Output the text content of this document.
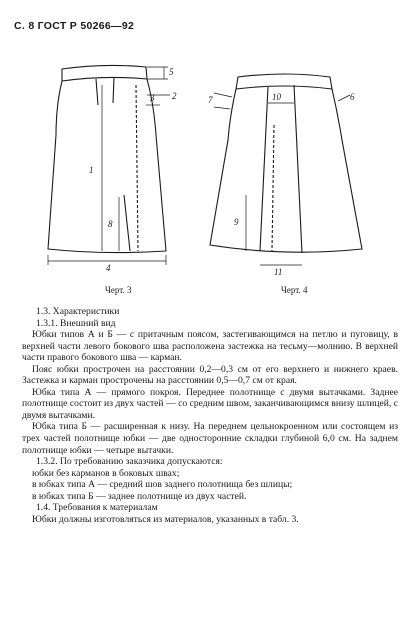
С. 8 ГОСТ Р 50266—92
5
2
1
8
3
4
7	10	6
9
11
Черт. 3	Черт. 4

1.3. Характеристики

1.3.1. Внешний вид

Юбки типов А и Б — с притачным поясом, застегивающимся на петлю и пуговицу, в верхней части левого бокового шва расположена застежка на тесьму—молнию. В верхней части правого бокового шва — карман.

Пояс юбки прострочен на расстоянии 0,2—0,3 см от его верхнего и нижнего краев. Застежка и карман простpочены на расстоянии 0,5—0,7 см от края.

Юбка типа А — прямого покроя. Переднее полотнище с двумя вытачками. Заднее полотнище состоит из двух частей — со средним швом, заканчивающимся внизу шлицей, с двумя вытачками.

Юбка типа Б — расширенная к низу. На переднем цельнокроенном или состоящем из трех частей полотнище юбки — две односторонние складки глубиной 6,0 см. На заднем полотнище юбки — четыре вытачки.

1.3.2. По требованию заказчика допускаются:

юбки без карманов в боковых швах;

в юбках типа А — средний шов заднего полотнища без шлицы;

в юбках типа Б — заднее полотнище из двух частей.

1.4. Требования к материалам

Юбки должны изготовляться из материалов, указанных в табл. 3.
